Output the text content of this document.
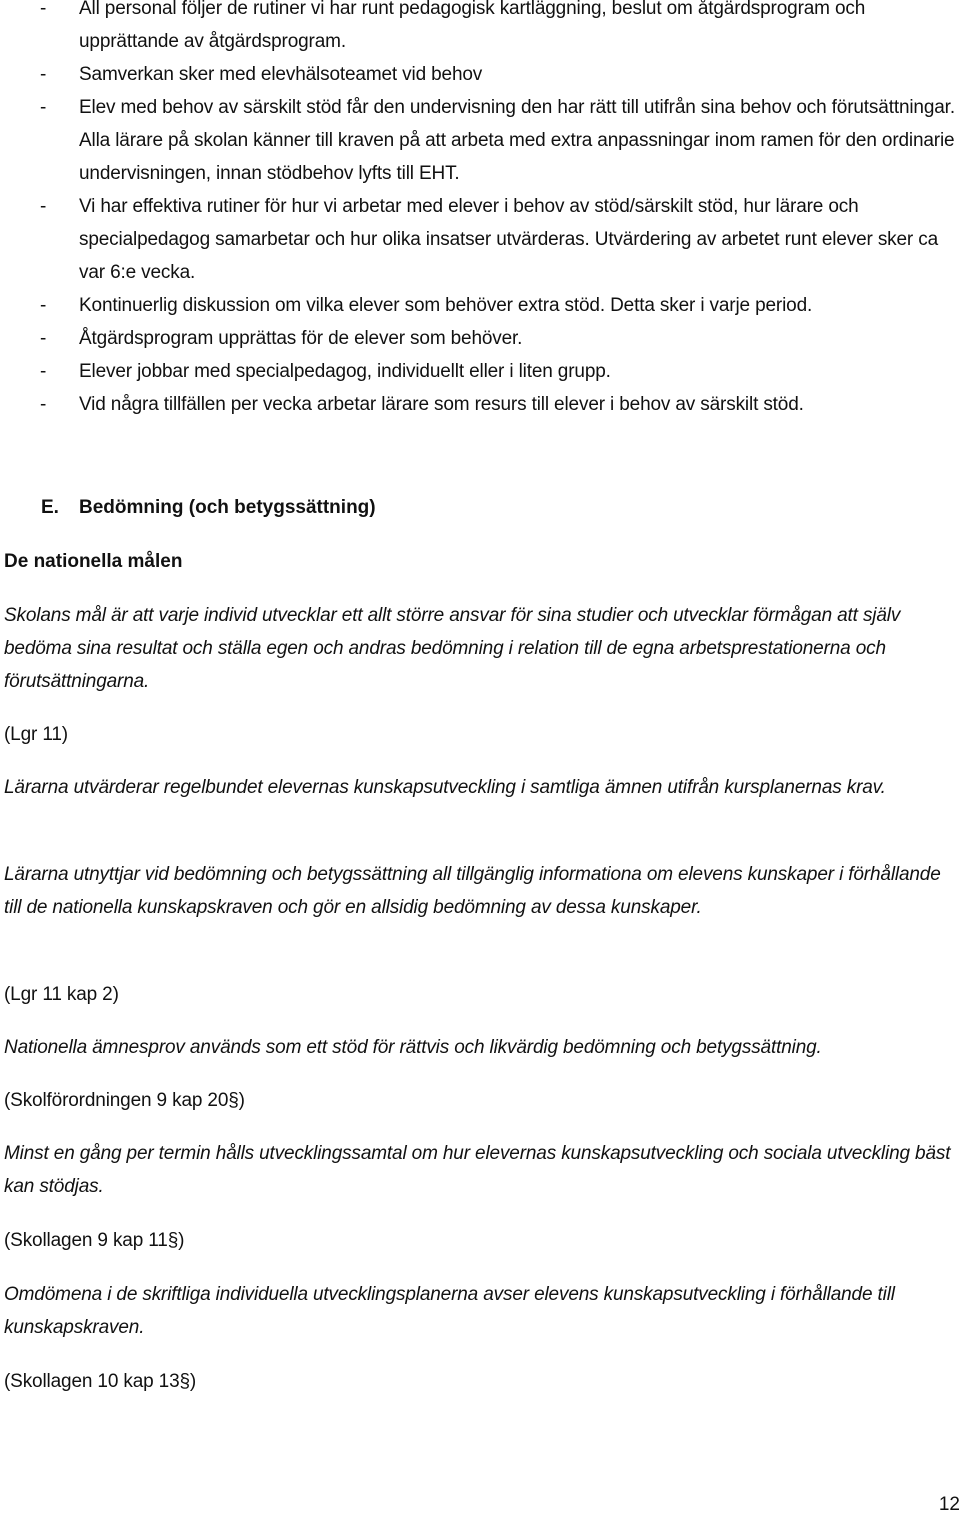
- All personal följer de rutiner vi har runt pedagogisk kartläggning, beslut om åtgärdsprogram och upprättande av åtgärdsprogram.
- Samverkan sker med elevhälsoteamet vid behov
- Elev med behov av särskilt stöd får den undervisning den har rätt till utifrån sina behov och förutsättningar. Alla lärare på skolan känner till kraven på att arbeta med extra anpassningar inom ramen för den ordinarie undervisningen, innan stödbehov lyfts till EHT.
- Vi har effektiva rutiner för hur vi arbetar med elever i behov av stöd/särskilt stöd, hur lärare och specialpedagog samarbetar och hur olika insatser utvärderas. Utvärdering av arbetet runt elever sker ca var 6:e vecka.
- Kontinuerlig diskussion om vilka elever som behöver extra stöd. Detta sker i varje period.
- Åtgärdsprogram upprättas för de elever som behöver.
- Elever jobbar med specialpedagog, individuellt eller i liten grupp.
- Vid några tillfällen per vecka arbetar lärare som resurs till elever i behov av särskilt stöd.
E. Bedömning (och betygssättning)
De nationella målen

Skolans mål är att varje individ utvecklar ett allt större ansvar för sina studier och utvecklar förmågan att själv bedöma sina resultat och ställa egen och andras bedömning i relation till de egna arbetsprestationerna och förutsättningarna.

(Lgr 11)

Lärarna utvärderar regelbundet elevernas kunskapsutveckling i samtliga ämnen utifrån kursplanernas krav.

Lärarna utnyttjar vid bedömning och betygssättning all tillgänglig informationa om elevens kunskaper i förhållande till de nationella kunskapskraven och gör en allsidig bedömning av dessa kunskaper.

(Lgr 11 kap 2)

Nationella ämnesprov används som ett stöd för rättvis och likvärdig bedömning och betygssättning.

(Skolförordningen 9 kap 20§)

Minst en gång per termin hålls utvecklingssamtal om hur elevernas kunskapsutveckling och sociala utveckling bäst kan stödjas.

(Skollagen 9 kap 11§)

Omdömena i de skriftliga individuella utvecklingsplanerna avser elevens kunskapsutveckling i förhållande till kunskapskraven.

(Skollagen 10 kap 13§)

12
